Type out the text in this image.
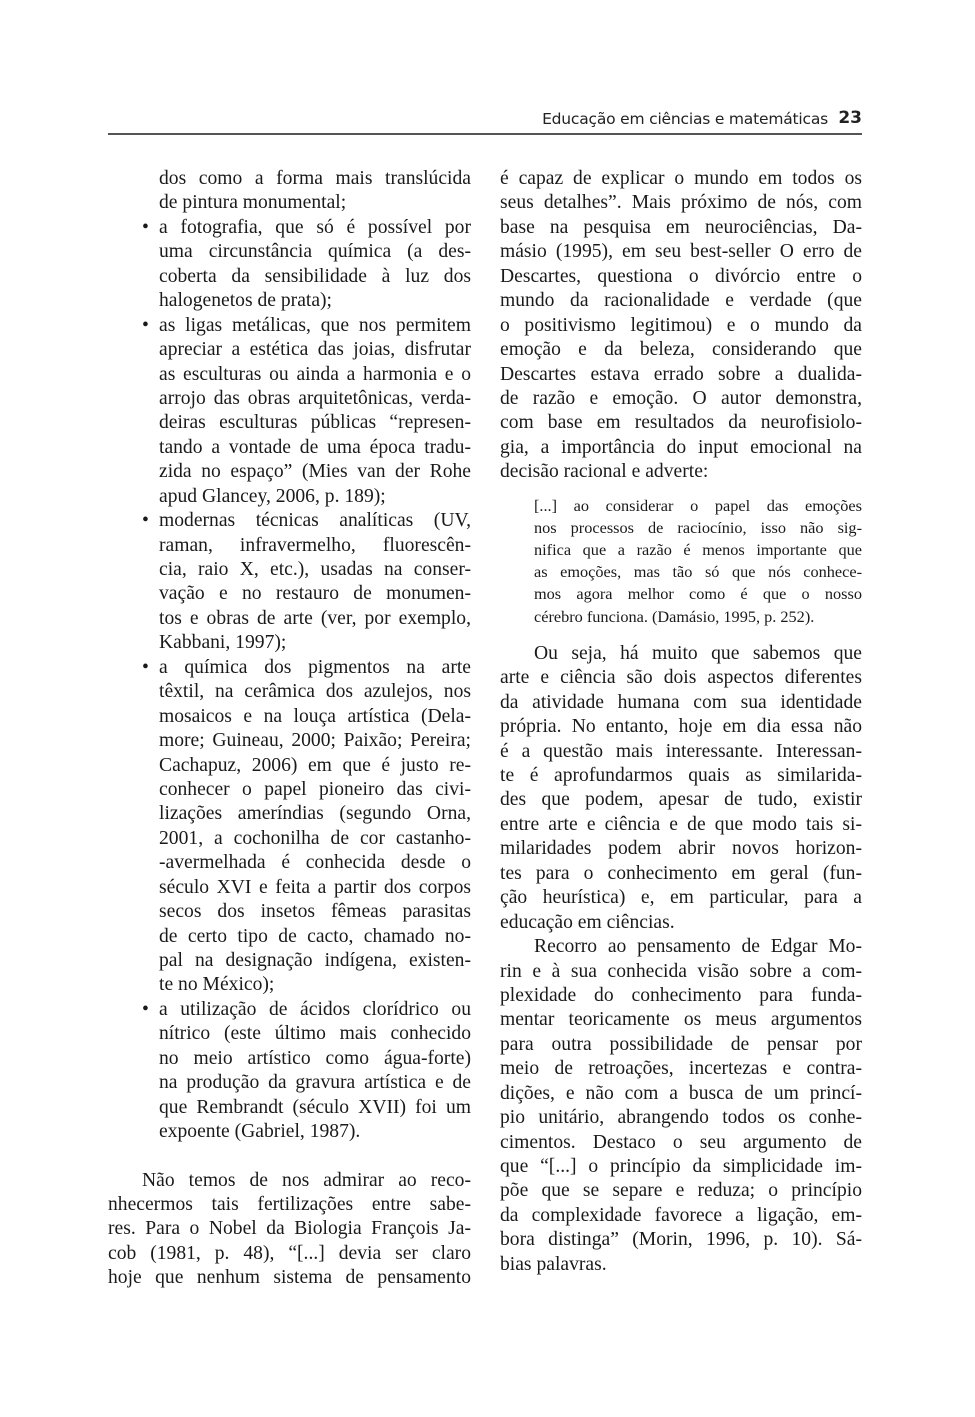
Educação em ciências e matemáticas 23
dos como a forma mais translúcida
de pintura monumental;
• a fotografia, que só é possível por
uma circunstância química (a des-
coberta da sensibilidade à luz dos
halogenetos de prata);
• as ligas metálicas, que nos permitem
apreciar a estética das joias, disfrutar
as esculturas ou ainda a harmonia e o
arrojo das obras arquitetônicas, verda-
deiras esculturas públicas “represen-
tando a vontade de uma época tradu-
zida no espaço” (Mies van der Rohe
apud Glancey, 2006, p. 189);
• modernas técnicas analíticas (UV,
raman, infravermelho, fluorescên-
cia, raio X, etc.), usadas na conser-
vação e no restauro de monumen-
tos e obras de arte (ver, por exemplo,
Kabbani, 1997);
• a química dos pigmentos na arte
têxtil, na cerâmica dos azulejos, nos
mosaicos e na louça artística (Dela-
more; Guineau, 2000; Paixão; Pereira;
Cachapuz, 2006) em que é justo re-
conhecer o papel pioneiro das civi-
lizações ameríndias (segundo Orna,
2001, a cochonilha de cor castanho-
-avermelhada é conhecida desde o
século XVI e feita a partir dos corpos
secos dos insetos fêmeas parasitas
de certo tipo de cacto, chamado no-
pal na designação indígena, existen-
te no México);
• a utilização de ácidos clorídrico ou
nítrico (este último mais conhecido
no meio artístico como água-forte)
na produção da gravura artística e de
que Rembrandt (século XVII) foi um
expoente (Gabriel, 1987).
Não temos de nos admirar ao reco-
nhecermos tais fertilizações entre sabe-
res. Para o Nobel da Biologia François Ja-
cob (1981, p. 48), “[...] devia ser claro
hoje que nenhum sistema de pensamento
é capaz de explicar o mundo em todos os
seus detalhes”. Mais próximo de nós, com
base na pesquisa em neurociências, Da-
másio (1995), em seu best-seller O erro de
Descartes, questiona o divórcio entre o
mundo da racionalidade e verdade (que
o positivismo legitimou) e o mundo da
emoção e da beleza, considerando que
Descartes estava errado sobre a dualida-
de razão e emoção. O autor demonstra,
com base em resultados da neurofisiolo-
gia, a importância do input emocional na
decisão racional e adverte:
[...] ao considerar o papel das emoções
nos processos de raciocínio, isso não sig-
nifica que a razão é menos importante que
as emoções, mas tão só que nós conhece-
mos agora melhor como é que o nosso
cérebro funciona. (Damásio, 1995, p. 252).
Ou seja, há muito que sabemos que
arte e ciência são dois aspectos diferentes
da atividade humana com sua identidade
própria. No entanto, hoje em dia essa não
é a questão mais interessante. Interessan-
te é aprofundarmos quais as similarida-
des que podem, apesar de tudo, existir
entre arte e ciência e de que modo tais si-
milaridades podem abrir novos horizon-
tes para o conhecimento em geral (fun-
ção heurística) e, em particular, para a
educação em ciências.
Recorro ao pensamento de Edgar Mo-
rin e à sua conhecida visão sobre a com-
plexidade do conhecimento para funda-
mentar teoricamente os meus argumentos
para outra possibilidade de pensar por
meio de retroações, incertezas e contra-
dições, e não com a busca de um princí-
pio unitário, abrangendo todos os conhe-
cimentos. Destaco o seu argumento de
que “[...] o princípio da simplicidade im-
põe que se separe e reduza; o princípio
da complexidade favorece a ligação, em-
bora distinga” (Morin, 1996, p. 10). Sá-
bias palavras.
